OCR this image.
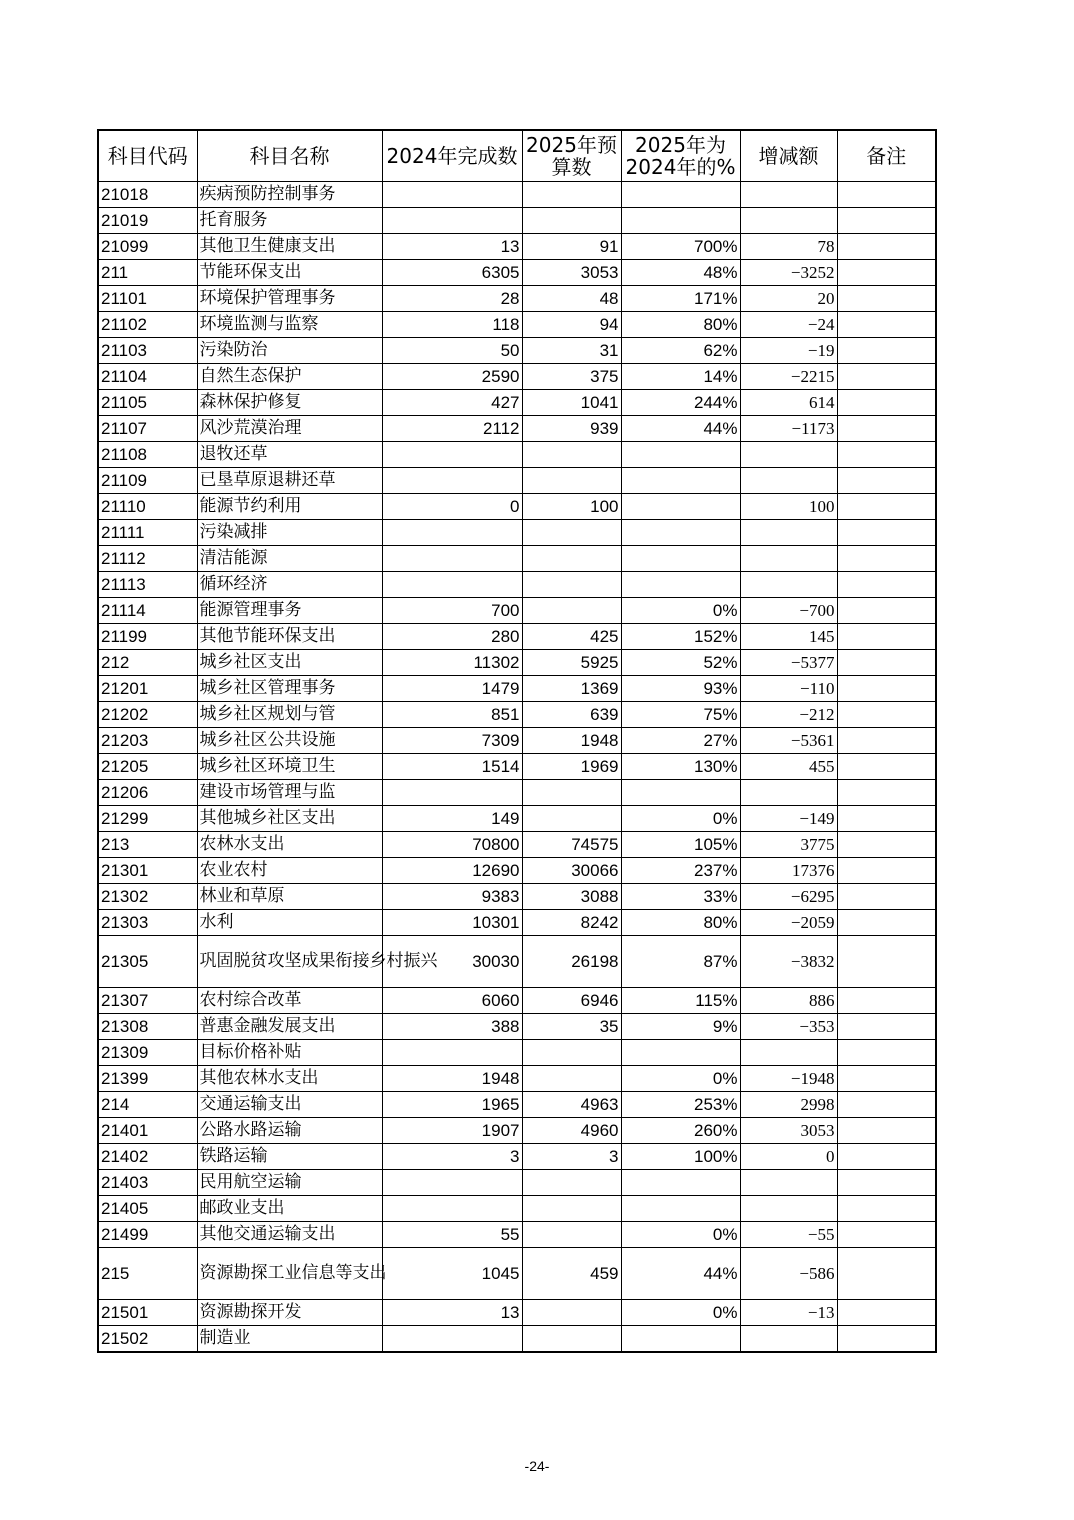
科目代码	科目名称	2024年完成数	2025年预算数	2025年为2024年的%	增减额	备注
21018	疾病预防控制事务					
21019	托育服务					
21099	其他卫生健康支出	13	91	700%	78	
211	节能环保支出	6305	3053	48%	−3252	
21101	环境保护管理事务	28	48	171%	20	
21102	环境监测与监察	118	94	80%	−24	
21103	污染防治	50	31	62%	−19	
21104	自然生态保护	2590	375	14%	−2215	
21105	森林保护修复	427	1041	244%	614	
21107	风沙荒漠治理	2112	939	44%	−1173	
21108	退牧还草					
21109	已垦草原退耕还草					
21110	能源节约利用	0	100		100	
21111	污染减排					
21112	清洁能源					
21113	循环经济					
21114	能源管理事务	700		0%	−700	
21199	其他节能环保支出	280	425	152%	145	
212	城乡社区支出	11302	5925	52%	−5377	
21201	城乡社区管理事务	1479	1369	93%	−110	
21202	城乡社区规划与管	851	639	75%	−212	
21203	城乡社区公共设施	7309	1948	27%	−5361	
21205	城乡社区环境卫生	1514	1969	130%	455	
21206	建设市场管理与监					
21299	其他城乡社区支出	149		0%	−149	
213	农林水支出	70800	74575	105%	3775	
21301	农业农村	12690	30066	237%	17376	
21302	林业和草原	9383	3088	33%	−6295	
21303	水利	10301	8242	80%	−2059	
21305	巩固脱贫攻坚成果衔接乡村振兴	30030	26198	87%	−3832	
21307	农村综合改革	6060	6946	115%	886	
21308	普惠金融发展支出	388	35	9%	−353	
21309	目标价格补贴					
21399	其他农林水支出	1948		0%	−1948	
214	交通运输支出	1965	4963	253%	2998	
21401	公路水路运输	1907	4960	260%	3053	
21402	铁路运输	3	3	100%	0	
21403	民用航空运输					
21405	邮政业支出					
21499	其他交通运输支出	55		0%	−55	
215	资源勘探工业信息等支出	1045	459	44%	−586	
21501	资源勘探开发	13		0%	−13	
21502	制造业					
-24-
